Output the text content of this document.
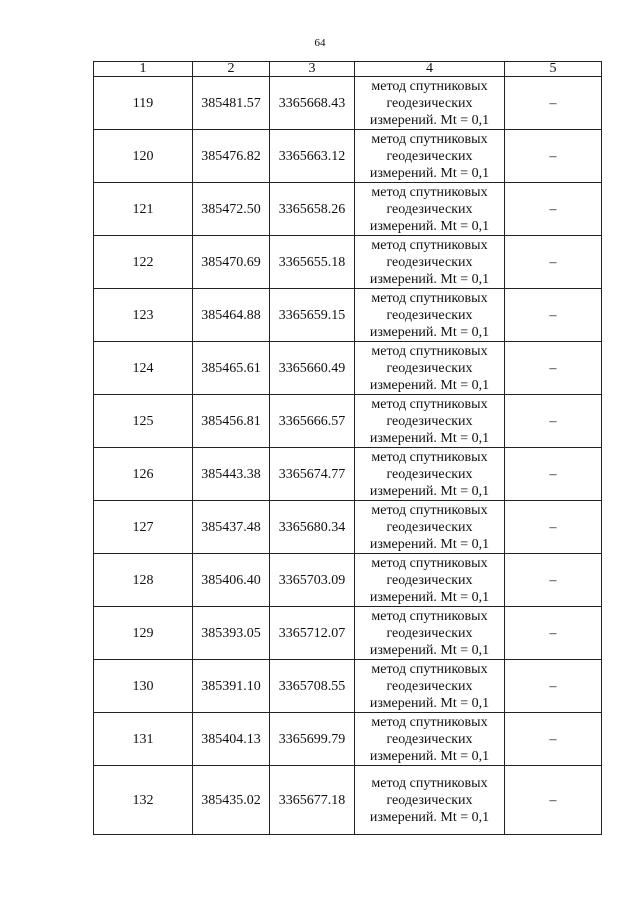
64
1	2	3	4	5
119	385481.57	3365668.43	метод спутниковых
геодезических
измерений. Mt = 0,1	–
120	385476.82	3365663.12	метод спутниковых
геодезических
измерений. Mt = 0,1	–
121	385472.50	3365658.26	метод спутниковых
геодезических
измерений. Mt = 0,1	–
122	385470.69	3365655.18	метод спутниковых
геодезических
измерений. Mt = 0,1	–
123	385464.88	3365659.15	метод спутниковых
геодезических
измерений. Mt = 0,1	–
124	385465.61	3365660.49	метод спутниковых
геодезических
измерений. Mt = 0,1	–
125	385456.81	3365666.57	метод спутниковых
геодезических
измерений. Mt = 0,1	–
126	385443.38	3365674.77	метод спутниковых
геодезических
измерений. Mt = 0,1	–
127	385437.48	3365680.34	метод спутниковых
геодезических
измерений. Mt = 0,1	–
128	385406.40	3365703.09	метод спутниковых
геодезических
измерений. Mt = 0,1	–
129	385393.05	3365712.07	метод спутниковых
геодезических
измерений. Mt = 0,1	–
130	385391.10	3365708.55	метод спутниковых
геодезических
измерений. Mt = 0,1	–
131	385404.13	3365699.79	метод спутниковых
геодезических
измерений. Mt = 0,1	–
132	385435.02	3365677.18	метод спутниковых
геодезических
измерений. Mt = 0,1	–
